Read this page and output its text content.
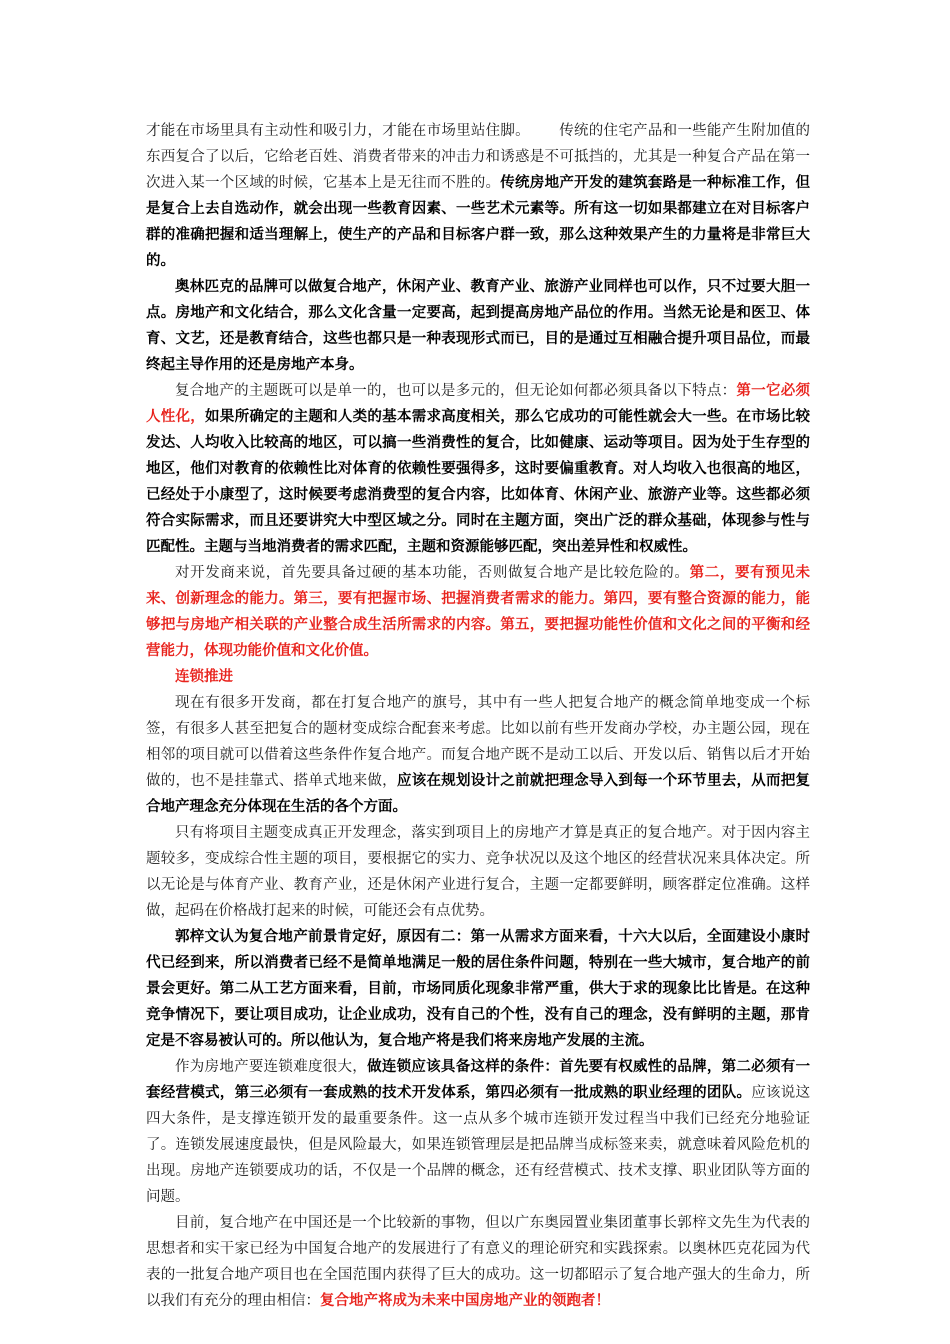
才能在市场里具有主动性和吸引力，才能在市场里站住脚。 传统的住宅产品和一些能产生附加值的东西复合了以后，它给老百姓、消费者带来的冲击力和诱惑是不可抵挡的，尤其是一种复合产品在第一次进入某一个区域的时候，它基本上是无往而不胜的。传统房地产开发的建筑套路是一种标准工作，但是复合上去自选动作，就会出现一些教育因素、一些艺术元素等。所有这一切如果都建立在对目标客户群的准确把握和适当理解上，使生产的产品和目标客户群一致，那么这种效果产生的力量将是非常巨大的。

奥林匹克的品牌可以做复合地产，休闲产业、教育产业、旅游产业同样也可以作，只不过要大胆一点。房地产和文化结合，那么文化含量一定要高，起到提高房地产品位的作用。当然无论是和医卫、体育、文艺，还是教育结合，这些也都只是一种表现形式而已，目的是通过互相融合提升项目品位，而最终起主导作用的还是房地产本身。

复合地产的主题既可以是单一的，也可以是多元的，但无论如何都必须具备以下特点：第一它必须人性化，如果所确定的主题和人类的基本需求高度相关，那么它成功的可能性就会大一些。在市场比较发达、人均收入比较高的地区，可以搞一些消费性的复合，比如健康、运动等项目。因为处于生存型的地区，他们对教育的依赖性比对体育的依赖性要强得多，这时要偏重教育。对人均收入也很高的地区，已经处于小康型了，这时候要考虑消费型的复合内容，比如体育、休闲产业、旅游产业等。这些都必须符合实际需求，而且还要讲究大中型区域之分。同时在主题方面，突出广泛的群众基础，体现参与性与匹配性。主题与当地消费者的需求匹配，主题和资源能够匹配，突出差异性和权威性。

对开发商来说，首先要具备过硬的基本功能，否则做复合地产是比较危险的。第二，要有预见未来、创新理念的能力。第三，要有把握市场、把握消费者需求的能力。第四，要有整合资源的能力，能够把与房地产相关联的产业整合成生活所需求的内容。第五，要把握功能性价值和文化之间的平衡和经营能力，体现功能价值和文化价值。

连锁推进

现在有很多开发商，都在打复合地产的旗号，其中有一些人把复合地产的概念简单地变成一个标签，有很多人甚至把复合的题材变成综合配套来考虑。比如以前有些开发商办学校，办主题公园，现在相邻的项目就可以借着这些条件作复合地产。而复合地产既不是动工以后、开发以后、销售以后才开始做的，也不是挂靠式、搭单式地来做，应该在规划设计之前就把理念导入到每一个环节里去，从而把复合地产理念充分体现在生活的各个方面。

只有将项目主题变成真正开发理念，落实到项目上的房地产才算是真正的复合地产。对于因内容主题较多，变成综合性主题的项目，要根据它的实力、竞争状况以及这个地区的经营状况来具体决定。所以无论是与体育产业、教育产业，还是休闲产业进行复合，主题一定都要鲜明，顾客群定位准确。这样做，起码在价格战打起来的时候，可能还会有点优势。

郭梓文认为复合地产前景肯定好，原因有二：第一从需求方面来看，十六大以后，全面建设小康时代已经到来，所以消费者已经不是简单地满足一般的居住条件问题，特别在一些大城市，复合地产的前景会更好。第二从工艺方面来看，目前，市场同质化现象非常严重，供大于求的现象比比皆是。在这种竞争情况下，要让项目成功，让企业成功，没有自己的个性，没有自己的理念，没有鲜明的主题，那肯定是不容易被认可的。所以他认为，复合地产将是我们将来房地产发展的主流。

作为房地产要连锁难度很大，做连锁应该具备这样的条件：首先要有权威性的品牌，第二必须有一套经营模式，第三必须有一套成熟的技术开发体系，第四必须有一批成熟的职业经理的团队。应该说这四大条件，是支撑连锁开发的最重要条件。这一点从多个城市连锁开发过程当中我们已经充分地验证了。连锁发展速度最快，但是风险最大，如果连锁管理层是把品牌当成标签来卖，就意味着风险危机的出现。房地产连锁要成功的话，不仅是一个品牌的概念，还有经营模式、技术支撑、职业团队等方面的问题。

目前，复合地产在中国还是一个比较新的事物，但以广东奥园置业集团董事长郭梓文先生为代表的思想者和实干家已经为中国复合地产的发展进行了有意义的理论研究和实践探索。以奥林匹克花园为代表的一批复合地产项目也在全国范围内获得了巨大的成功。这一切都昭示了复合地产强大的生命力，所以我们有充分的理由相信：复合地产将成为未来中国房地产业的领跑者！
